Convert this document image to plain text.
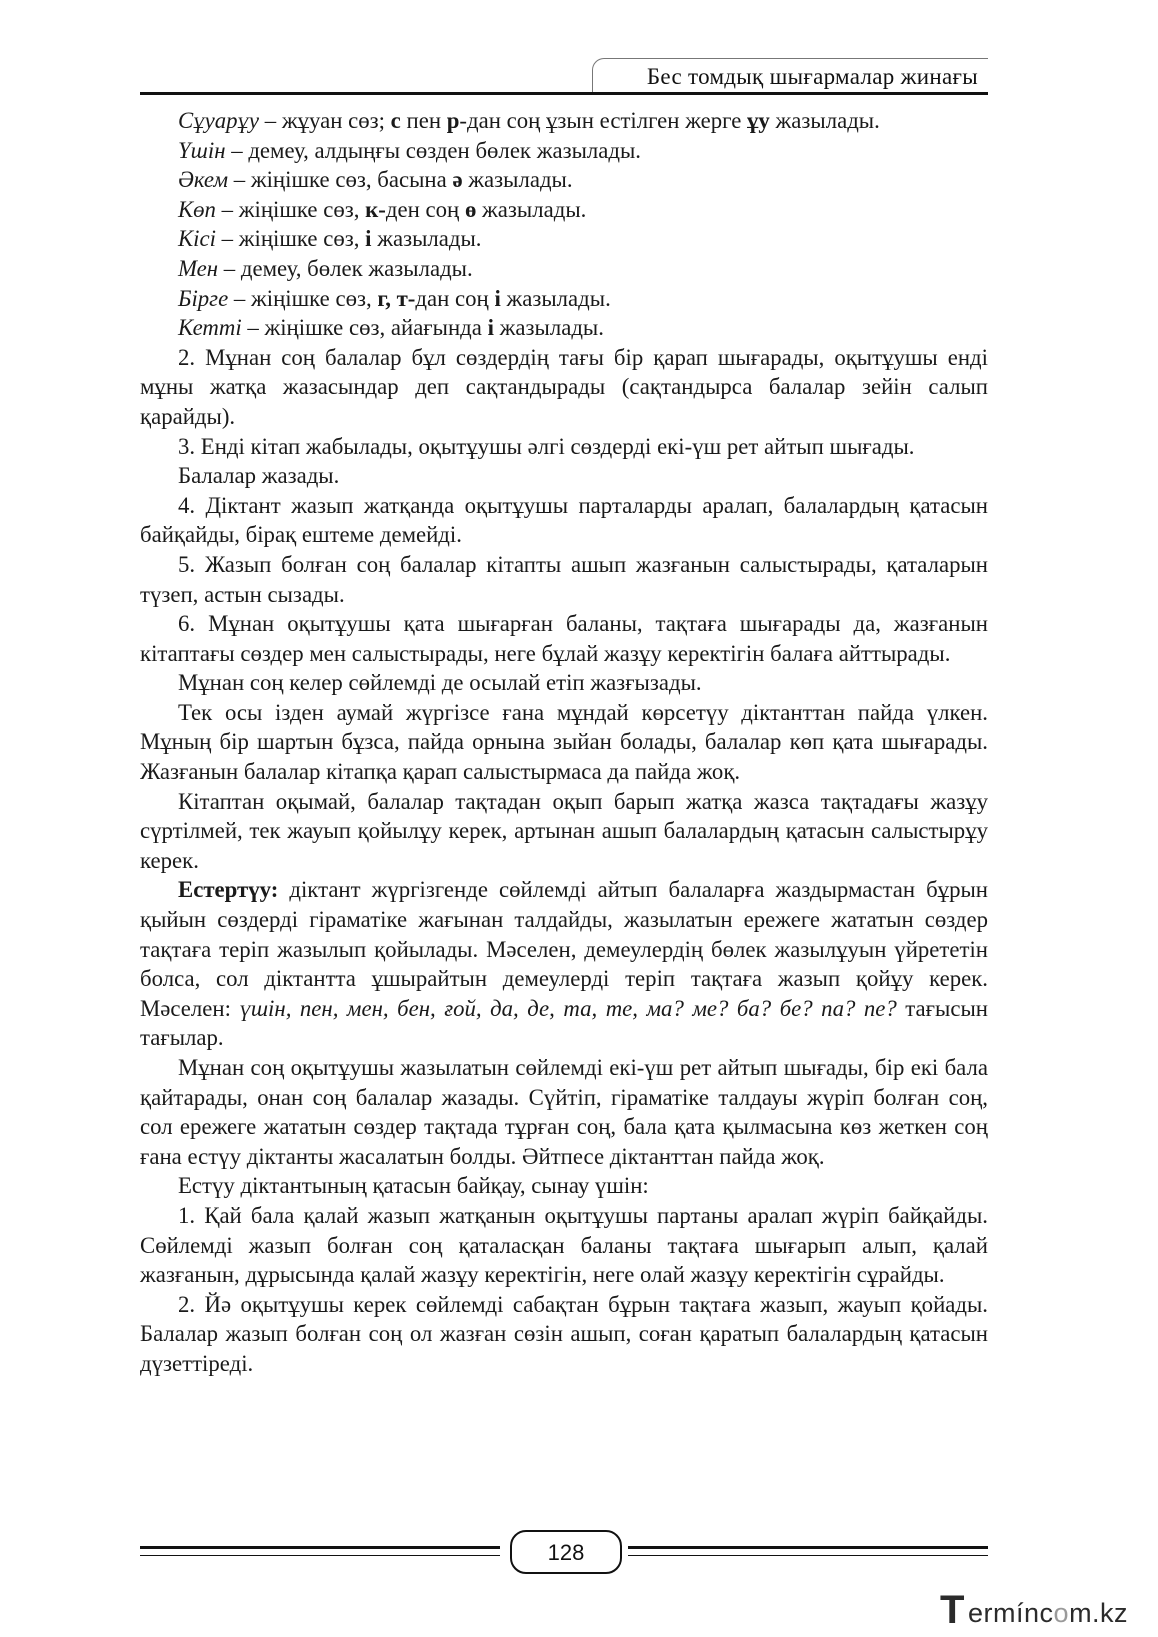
Бес томдық шығармалар жинағы

Сұуарұу – жұуан сөз; с пен р-дан соң ұзын естілген жерге ұу жазылады.

Үшін – демеу, алдыңғы сөзден бөлек жазылады.

Әкем – жіңішке сөз, басына ә жазылады.

Көп – жіңішке сөз, к-ден соң ө жазылады.

Кісі – жіңішке сөз, і жазылады.

Мен – демеу, бөлек жазылады.

Бірге – жіңішке сөз, г, т-дан соң і жазылады.

Кетті – жіңішке сөз, айағында і жазылады.

2. Мұнан соң балалар бұл сөздердің тағы бір қарап шығарады, оқытұушы енді мұны жатқа жазасындар деп сақтандырады (сақтандырса балалар зейін салып қарайды).

3. Енді кітап жабылады, оқытұушы әлгі сөздерді екі-үш рет айтып шығады.

Балалар жазады.

4. Діктант жазып жатқанда оқытұушы парталарды аралап, балалардың қатасын байқайды, бірақ ештеме демейді.

5. Жазып болған соң балалар кітапты ашып жазғанын салыстырады, қаталарын түзеп, астын сызады.

6. Мұнан оқытұушы қата шығарған баланы, тақтаға шығарады да, жазғанын кітаптағы сөздер мен салыстырады, неге бұлай жазұу керектігін балаға айттырады.

Мұнан соң келер сөйлемді де осылай етіп жазғызады.

Тек осы ізден аумай жүргізсе ғана мұндай көрсетүу діктанттан пайда үлкен. Мұның бір шартын бұзса, пайда орнына зыйан болады, балалар көп қата шығарады. Жазғанын балалар кітапқа қарап салыстырмаса да пайда жоқ.

Кітаптан оқымай, балалар тақтадан оқып барып жатқа жазса тақтадағы жазұу сүртілмей, тек жауып қойылұу керек, артынан ашып балалардың қатасын салыстырұу керек.

Естертүу: діктант жүргізгенде сөйлемді айтып балаларға жаздырмастан бұрын қыйын сөздерді гіраматіке жағынан талдайды, жазылатын ережеге жататын сөздер тақтаға теріп жазылып қойылады. Мәселен, демеулердің бөлек жазылұуын үйрететін болса, сол діктантта ұшырайтын демеулерді теріп тақтаға жазып қойұу керек. Мәселен: үшін, пен, мен, бен, ғой, да, де, та, те, ма? ме? ба? бе? па? пе? тағысын тағылар.

Мұнан соң оқытұушы жазылатын сөйлемді екі-үш рет айтып шығады, бір екі бала қайтарады, онан соң балалар жазады. Сүйтіп, гіраматіке талдауы жүріп болған соң, сол ережеге жататын сөздер тақтада тұрған соң, бала қата қылмасына көз жеткен соң ғана естүу діктанты жасалатын болды. Әйтпесе діктанттан пайда жоқ.

Естүу діктантының қатасын байқау, сынау үшін:

1. Қай бала қалай жазып жатқанын оқытұушы партаны аралап жүріп байқайды. Сөйлемді жазып болған соң қаталасқан баланы тақтаға шығарып алып, қалай жазғанын, дұрысында қалай жазұу керектігін, неге олай жазұу керектігін сұрайды.

2. Йә оқытұушы керек сөйлемді сабақтан бұрын тақтаға жазып, жауып қойады. Балалар жазып болған соң ол жазған сөзін ашып, соған қаратып балалардың қатасын дүзеттіреді.

128
T ermíncom.kz
